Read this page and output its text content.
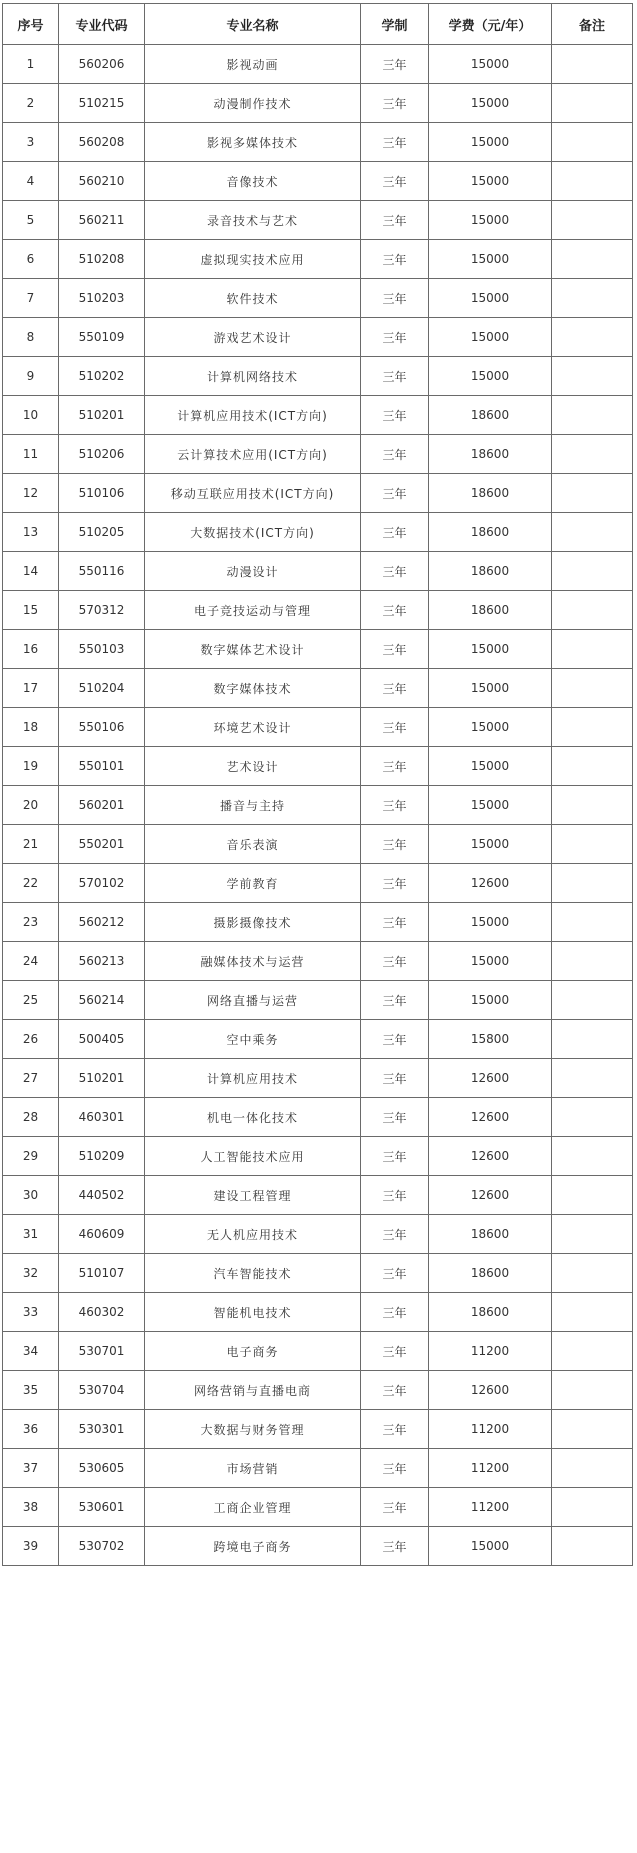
序号	专业代码	专业名称	学制	学费（元/年）	备注
1	560206	影视动画	三年	15000	
2	510215	动漫制作技术	三年	15000	
3	560208	影视多媒体技术	三年	15000	
4	560210	音像技术	三年	15000	
5	560211	录音技术与艺术	三年	15000	
6	510208	虚拟现实技术应用	三年	15000	
7	510203	软件技术	三年	15000	
8	550109	游戏艺术设计	三年	15000	
9	510202	计算机网络技术	三年	15000	
10	510201	计算机应用技术(ICT方向)	三年	18600	
11	510206	云计算技术应用(ICT方向)	三年	18600	
12	510106	移动互联应用技术(ICT方向)	三年	18600	
13	510205	大数据技术(ICT方向)	三年	18600	
14	550116	动漫设计	三年	18600	
15	570312	电子竞技运动与管理	三年	18600	
16	550103	数字媒体艺术设计	三年	15000	
17	510204	数字媒体技术	三年	15000	
18	550106	环境艺术设计	三年	15000	
19	550101	艺术设计	三年	15000	
20	560201	播音与主持	三年	15000	
21	550201	音乐表演	三年	15000	
22	570102	学前教育	三年	12600	
23	560212	摄影摄像技术	三年	15000	
24	560213	融媒体技术与运营	三年	15000	
25	560214	网络直播与运营	三年	15000	
26	500405	空中乘务	三年	15800	
27	510201	计算机应用技术	三年	12600	
28	460301	机电一体化技术	三年	12600	
29	510209	人工智能技术应用	三年	12600	
30	440502	建设工程管理	三年	12600	
31	460609	无人机应用技术	三年	18600	
32	510107	汽车智能技术	三年	18600	
33	460302	智能机电技术	三年	18600	
34	530701	电子商务	三年	11200	
35	530704	网络营销与直播电商	三年	12600	
36	530301	大数据与财务管理	三年	11200	
37	530605	市场营销	三年	11200	
38	530601	工商企业管理	三年	11200	
39	530702	跨境电子商务	三年	15000	
